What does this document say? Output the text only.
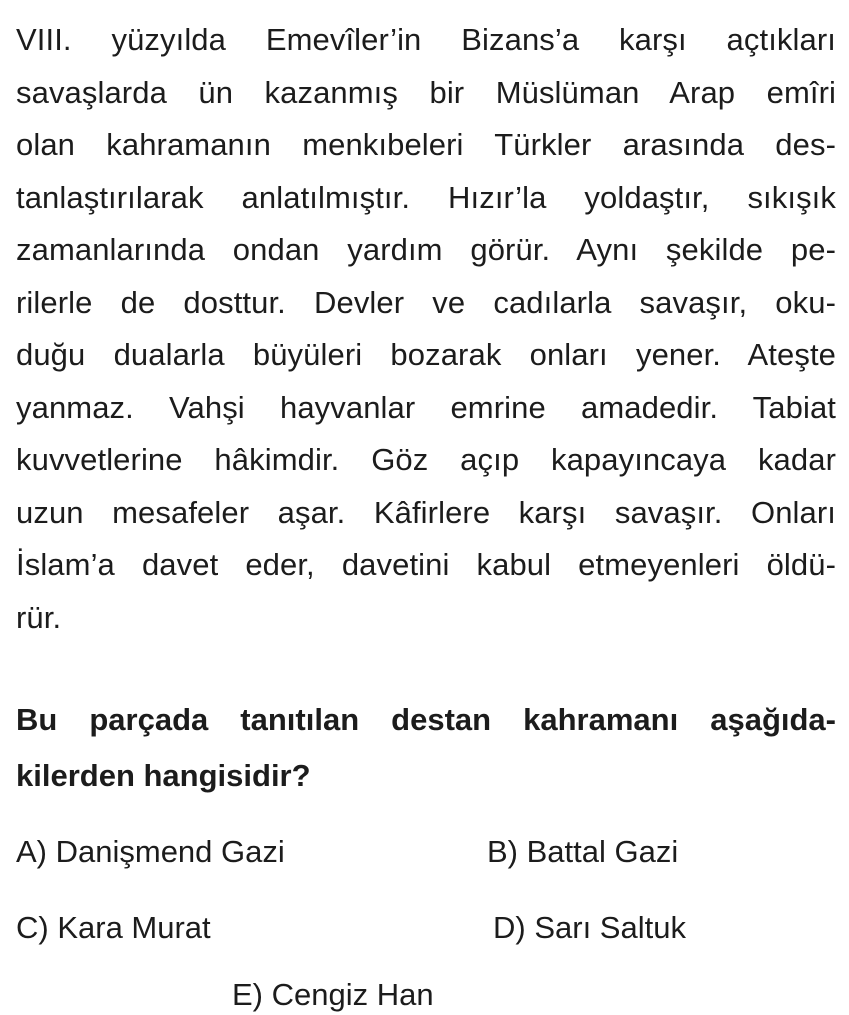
VIII. yüzyılda Emevîler’in Bizans’a karşı açtıkları
savaşlarda ün kazanmış bir Müslüman Arap emîri
olan kahramanın menkıbeleri Türkler arasında des-
tanlaştırılarak anlatılmıştır. Hızır’la yoldaştır, sıkışık
zamanlarında ondan yardım görür. Aynı şekilde pe-
rilerle de dosttur. Devler ve cadılarla savaşır, oku-
duğu dualarla büyüleri bozarak onları yener. Ateşte
yanmaz. Vahşi hayvanlar emrine amadedir. Tabiat
kuvvetlerine hâkimdir. Göz açıp kapayıncaya kadar
uzun mesafeler aşar. Kâfirlere karşı savaşır. Onları
İslam’a davet eder, davetini kabul etmeyenleri öldü-
rür.
Bu parçada tanıtılan destan kahramanı aşağıda-
kilerden hangisidir?
A) Danişmend Gazi	B) Battal Gazi
C) Kara Murat	D) Sarı Saltuk
E) Cengiz Han
